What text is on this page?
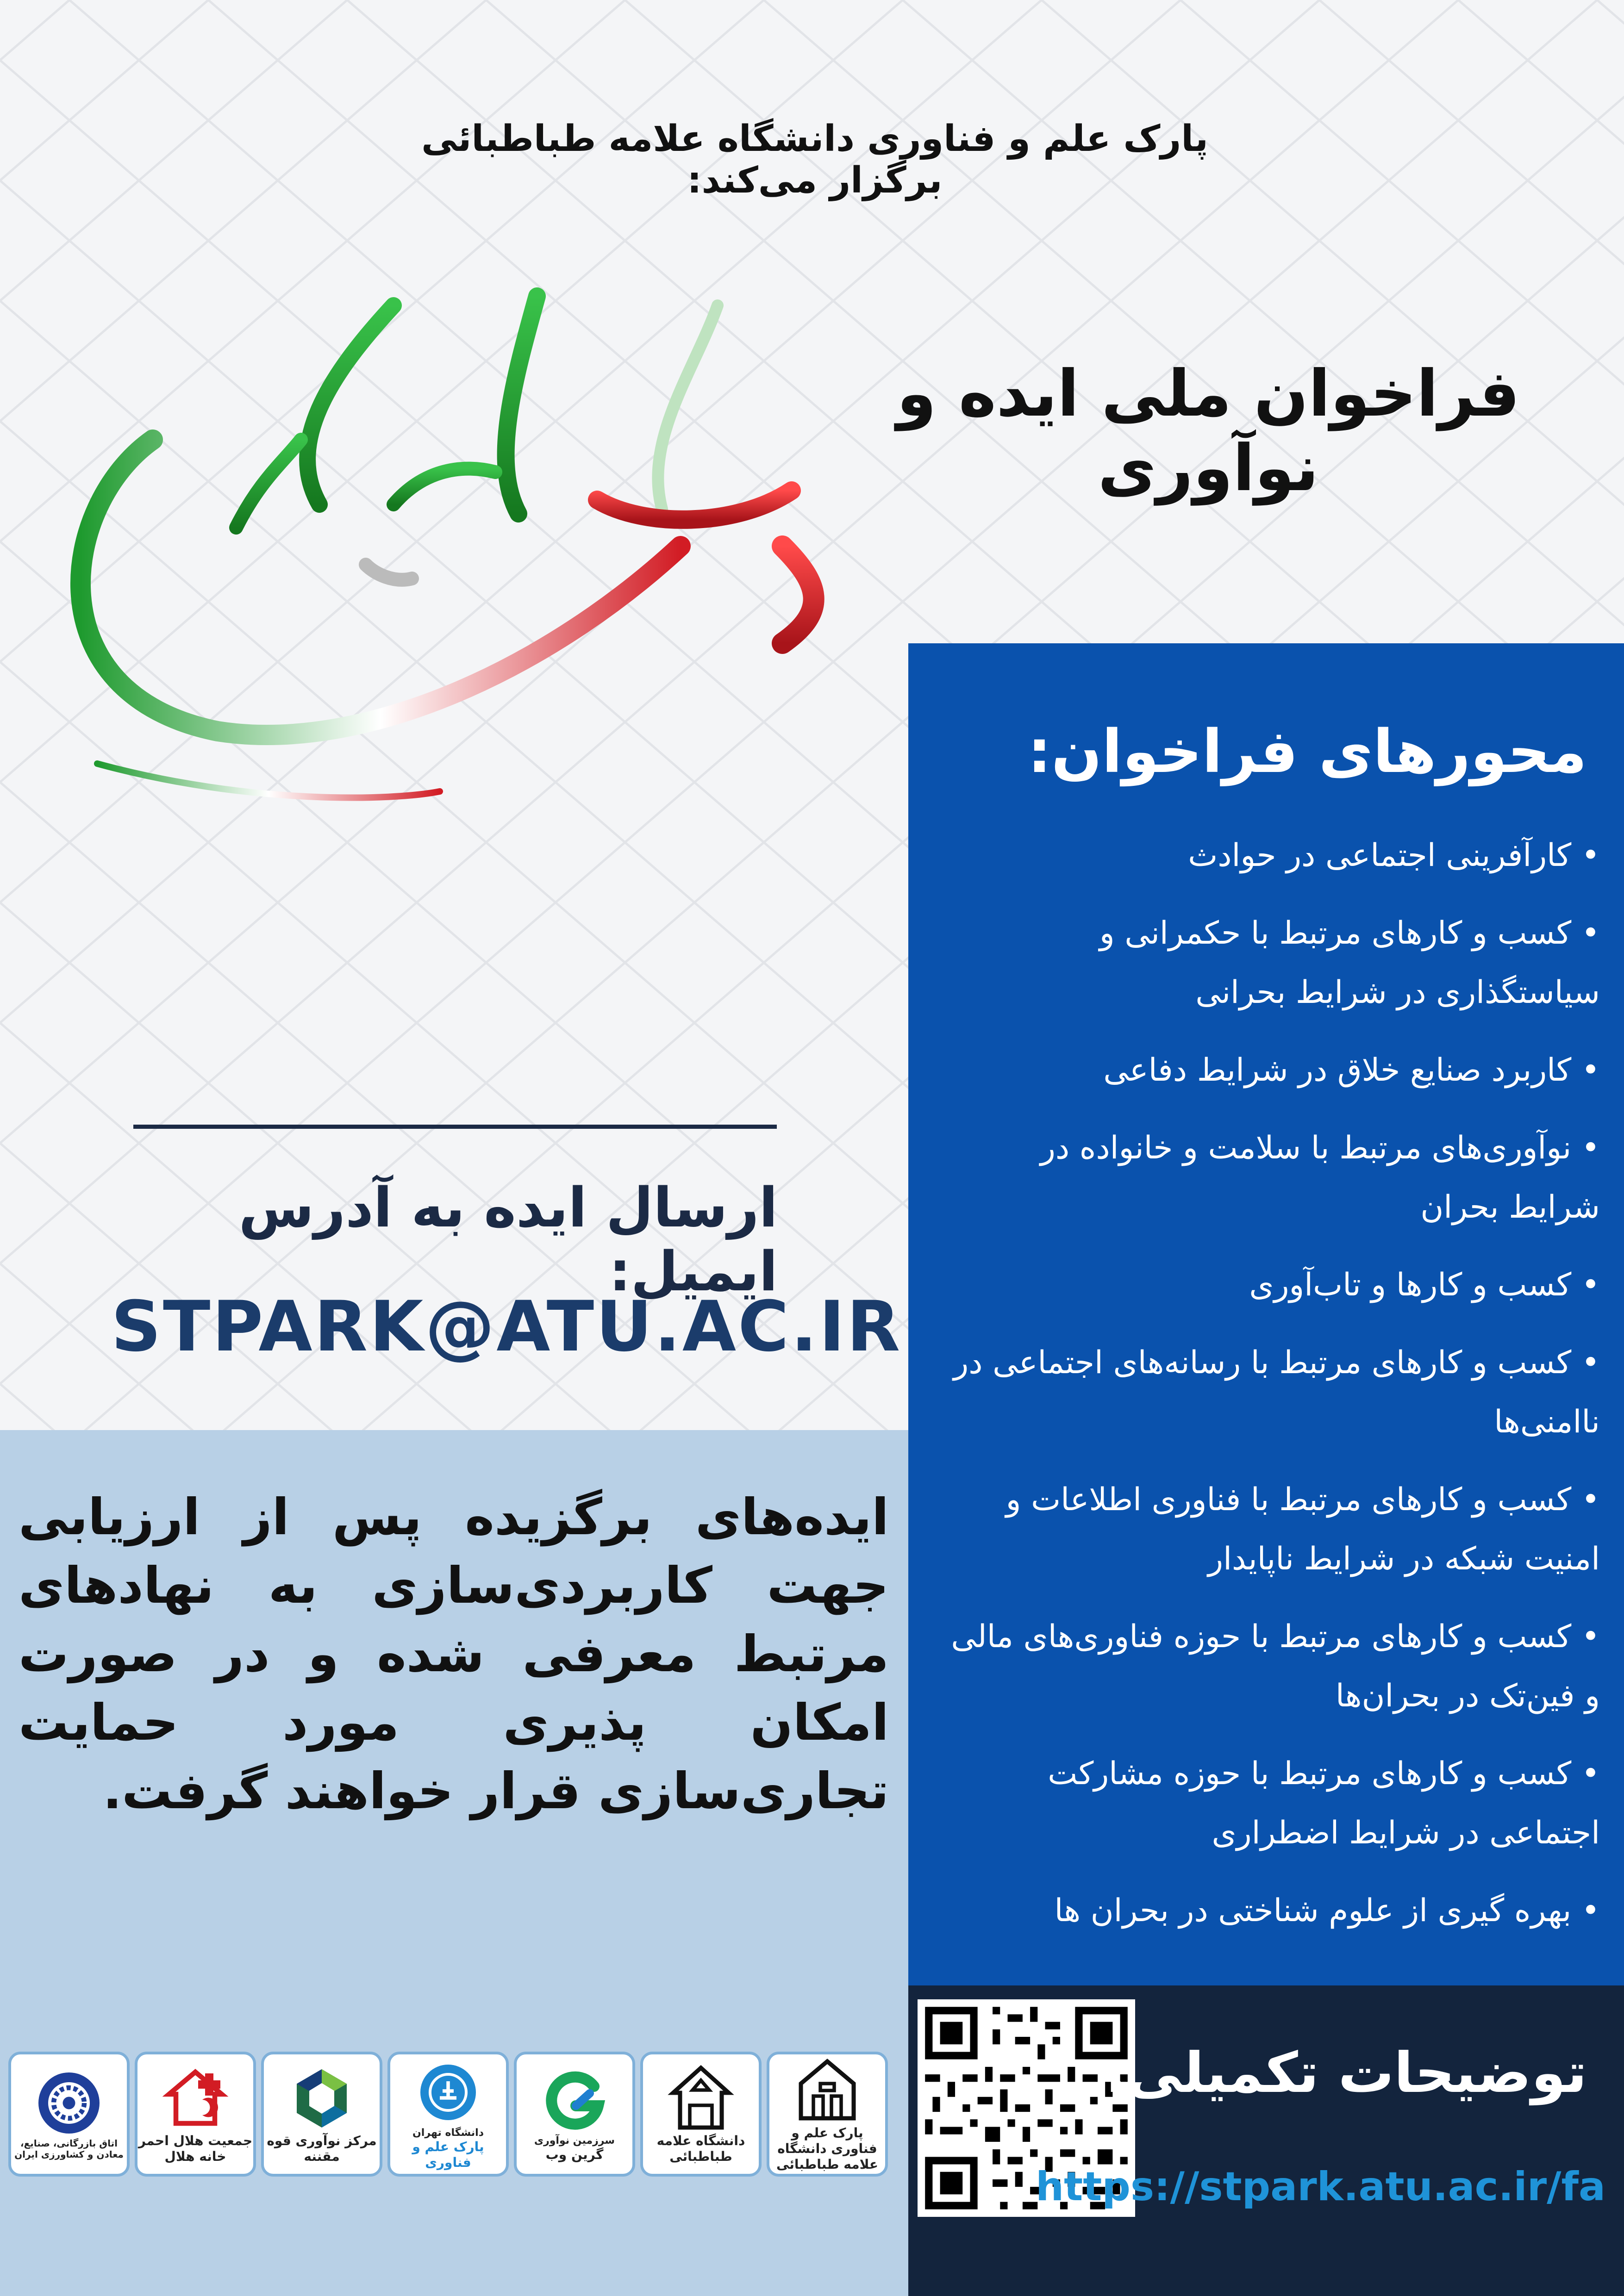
پارک علم و فناوری دانشگاه علامه طباطبائی برگزار می‌کند:
فراخوان ملی ایده و نوآوری
ارسال ایده به آدرس ایمیل:
STPARK@ATU.AC.IR

ایده‌های برگزیده پس از ارزیابی جهت کاربردی‌سازی به نهادهای مرتبط معرفی شده و در صورت امکان پذیری مورد حمایت تجاری‌سازی قرار خواهند گرفت.

محورهای فراخوان:
• کارآفرینی اجتماعی در حوادث
• کسب و کارهای مرتبط با حکمرانی و سیاستگذاری در شرایط بحرانی
• کاربرد صنایع خلاق در شرایط دفاعی
• نوآوری‌های مرتبط با سلامت و خانواده در شرایط بحران
• کسب و کارها و تاب‌آوری
• کسب و کارهای مرتبط با رسانه‌های اجتماعی در ناامنی‌ها
• کسب و کارهای مرتبط با فناوری اطلاعات و امنیت شبکه در شرایط ناپایدار
• کسب و کارهای مرتبط با حوزه فناوری‌های مالی و فین‌تک در بحران‌ها
• کسب و کارهای مرتبط با حوزه مشارکت اجتماعی در شرایط اضطراری
• بهره گیری از علوم شناختی در بحران ها
توضیحات تکمیلی:
https://stpark.atu.ac.ir/fa
پارک علم و فناوری دانشگاه علامه طباطبائی
دانشگاه علامه طباطبائی
سرزمین نوآوری
گرین وب
دانشگاه تهران
پارک علم و فناوری
مرکز نوآوری قوه مقننه
جمعیت هلال احمر خانه هلال
اتاق بازرگانی، صنایع، معادن و کشاورزی ایران
